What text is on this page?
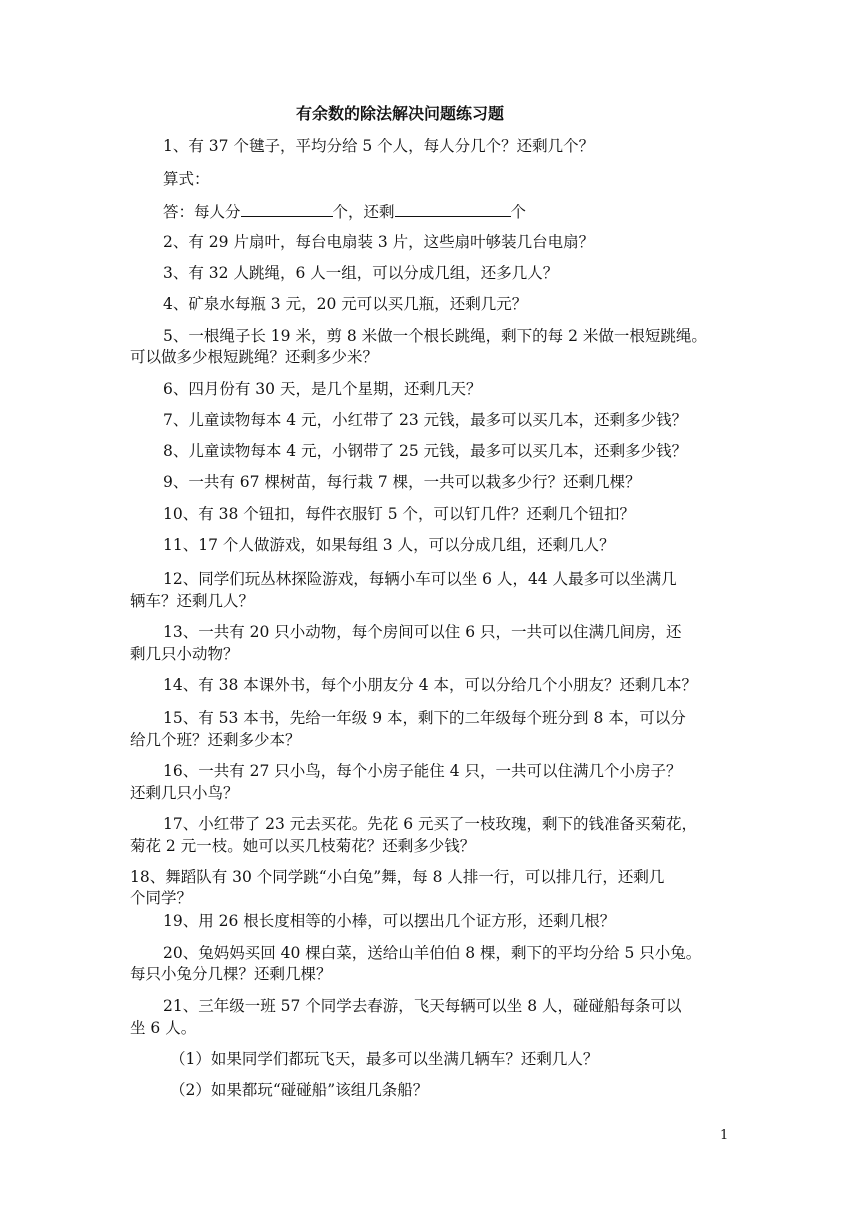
有余数的除法解决问题练习题
1、有 37 个毽子，平均分给 5 个人，每人分几个？还剩几个？
算式：
答：每人分	个，还剩	个
2、有 29 片扇叶，每台电扇装 3 片，这些扇叶够装几台电扇？
3、有 32 人跳绳，6 人一组，可以分成几组，还多几人？
4、矿泉水每瓶 3 元，20 元可以买几瓶，还剩几元？
5、一根绳子长 19 米，剪 8 米做一个根长跳绳，剩下的每 2 米做一根短跳绳。
可以做多少根短跳绳？还剩多少米？
6、四月份有 30 天，是几个星期，还剩几天？
7、儿童读物每本 4 元，小红带了 23 元钱，最多可以买几本，还剩多少钱？
8、儿童读物每本 4 元，小钢带了 25 元钱，最多可以买几本，还剩多少钱？
9、一共有 67 棵树苗，每行栽 7 棵，一共可以栽多少行？还剩几棵？
10、有 38 个钮扣，每件衣服钉 5 个，可以钉几件？还剩几个钮扣？
11、17 个人做游戏，如果每组 3 人，可以分成几组，还剩几人？
12、同学们玩丛林探险游戏，每辆小车可以坐 6 人，44 人最多可以坐满几
辆车？还剩几人？
13、一共有 20 只小动物，每个房间可以住 6 只，一共可以住满几间房，还
剩几只小动物？
14、有 38 本课外书，每个小朋友分 4 本，可以分给几个小朋友？还剩几本？
15、有 53 本书，先给一年级 9 本，剩下的二年级每个班分到 8 本，可以分
给几个班？还剩多少本？
16、一共有 27 只小鸟，每个小房子能住 4 只，一共可以住满几个小房子？
还剩几只小鸟？
17、小红带了 23 元去买花。先花 6 元买了一枝玫瑰，剩下的钱准备买菊花，
菊花 2 元一枝。她可以买几枝菊花？还剩多少钱？
18、舞蹈队有 30 个同学跳“小白兔”舞，每 8 人排一行，可以排几行，还剩几
个同学？
19、用 26 根长度相等的小棒，可以摆出几个证方形，还剩几根？
20、兔妈妈买回 40 棵白菜，送给山羊伯伯 8 棵，剩下的平均分给 5 只小兔。
每只小兔分几棵？还剩几棵？
21、三年级一班 57 个同学去春游，飞天每辆可以坐 8 人，碰碰船每条可以
坐 6 人。
（1）如果同学们都玩飞天，最多可以坐满几辆车？还剩几人？
（2）如果都玩“碰碰船”该组几条船？
1
